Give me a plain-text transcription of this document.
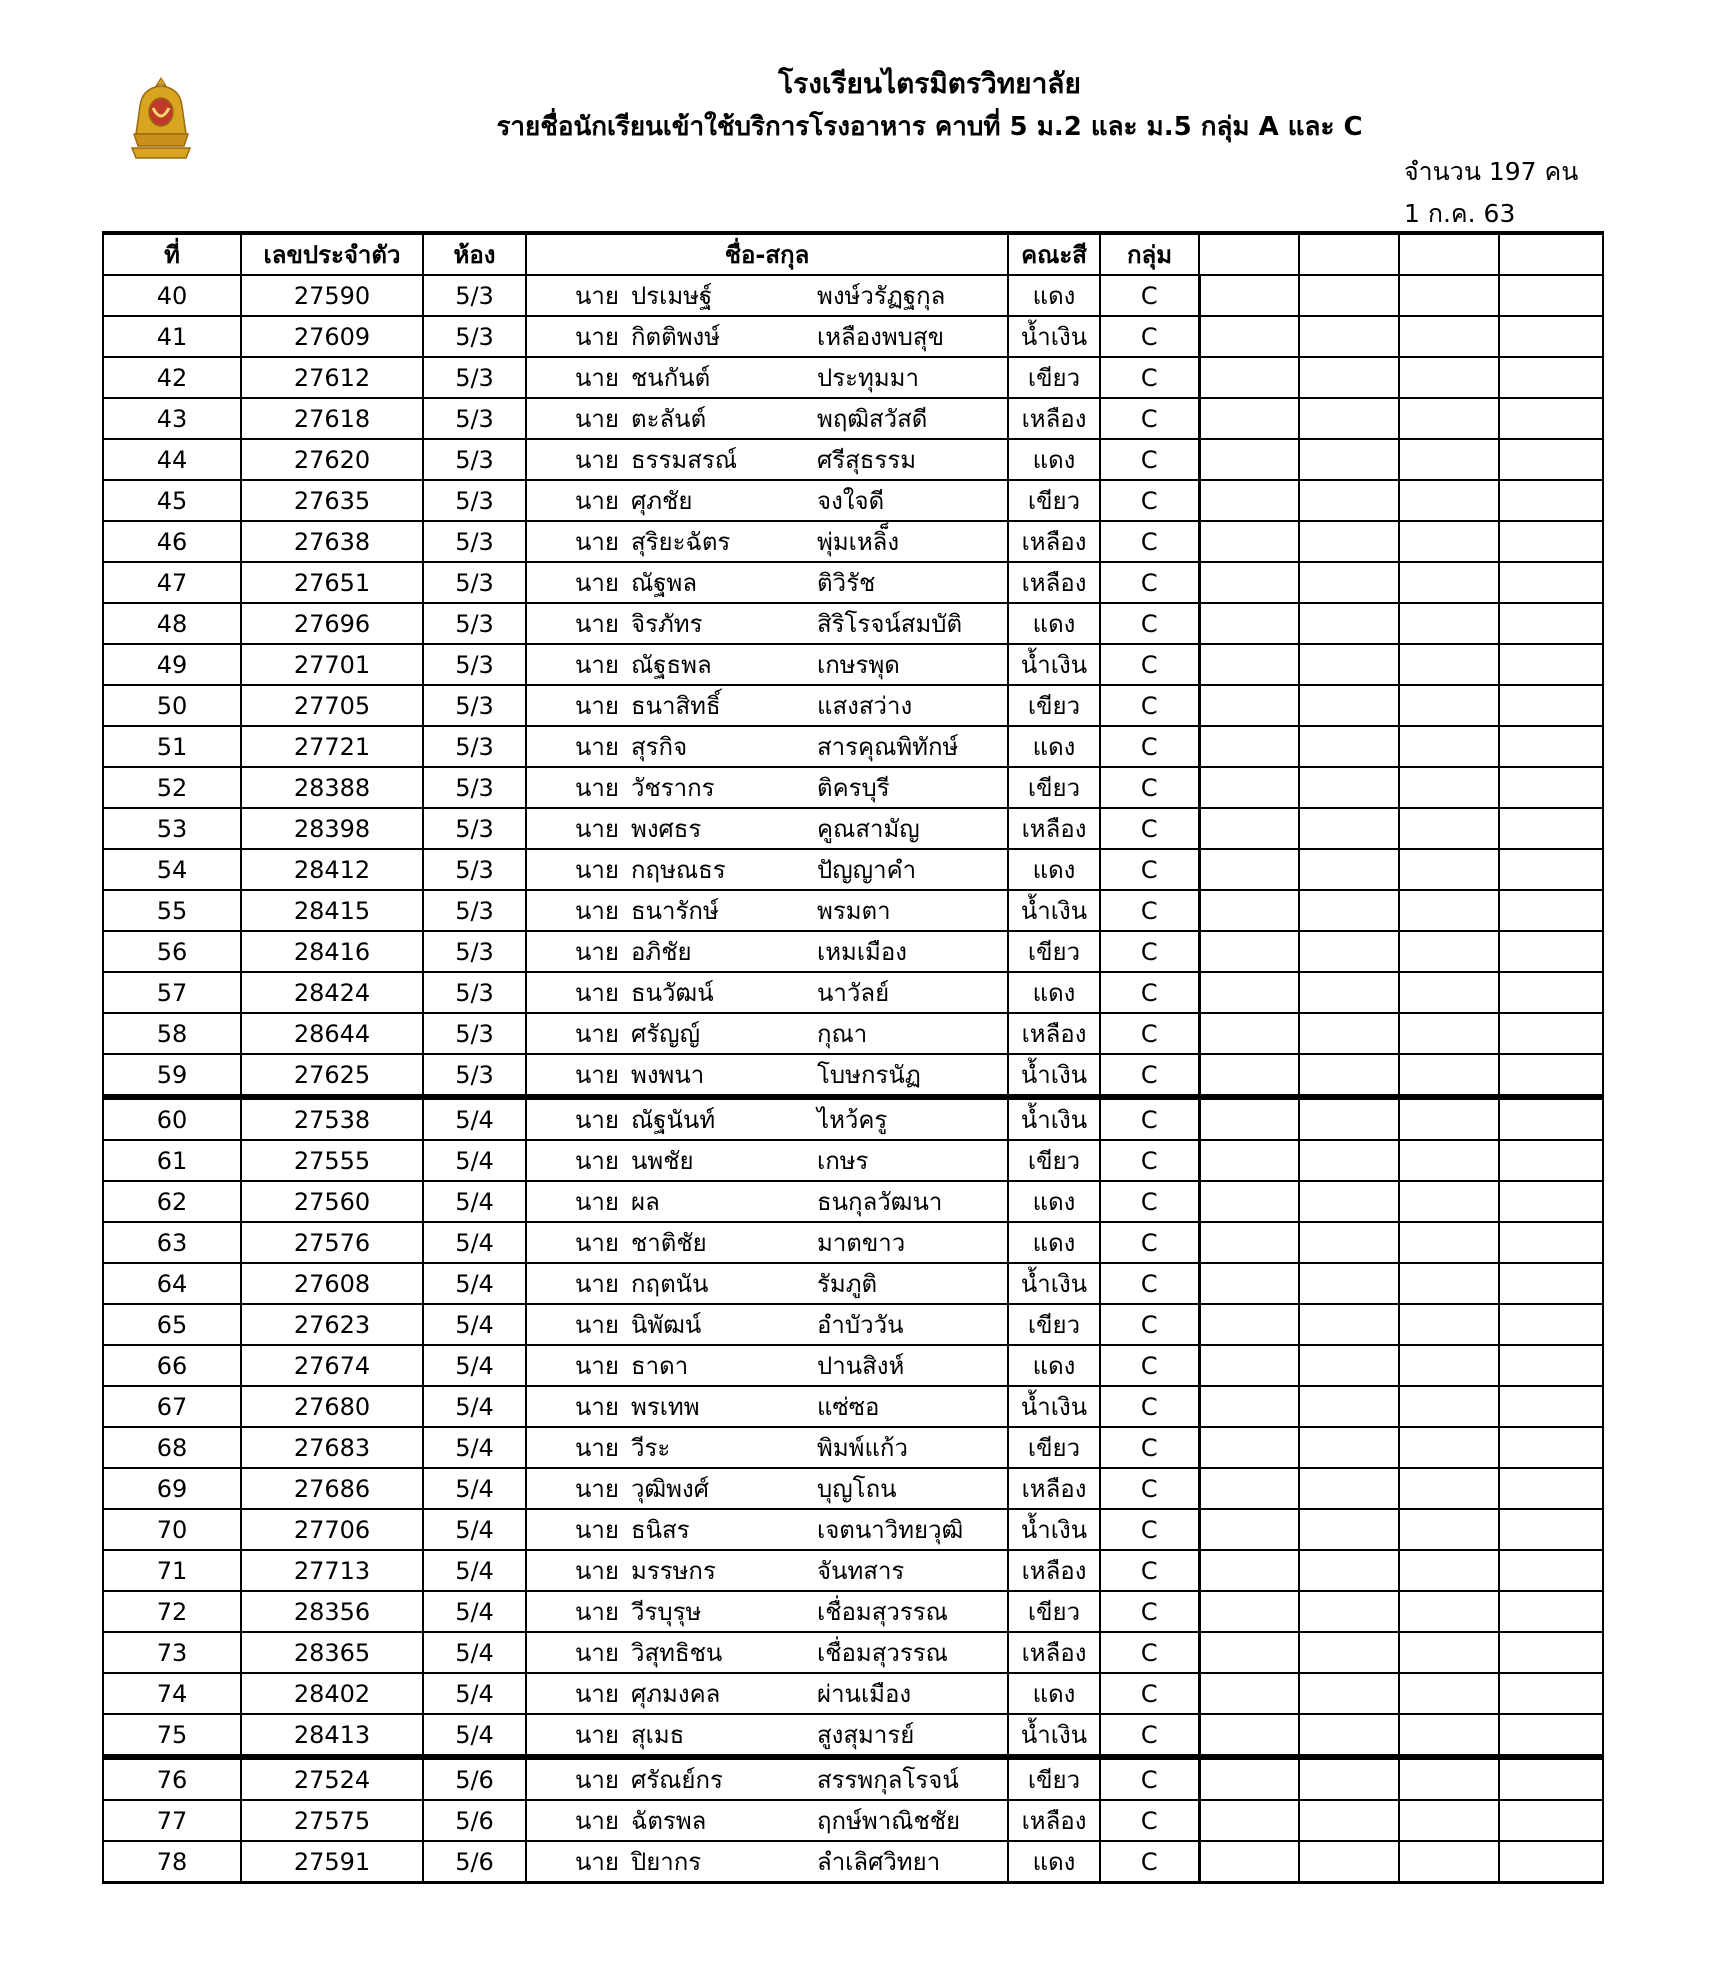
โรงเรียนไตรมิตรวิทยาลัย
รายชื่อนักเรียนเข้าใช้บริการโรงอาหาร คาบที่ 5 ม.2 และ ม.5 กลุ่ม A และ C
จำนวน 197 คน
1 ก.ค. 63
ที่	เลขประจำตัว	ห้อง	ชื่อ-สกุล	คณะสี	กลุ่ม				
40	27590	5/3	นาย ปรเมษฐ์ พงษ์วรัฏฐกุล	แดง	C				
41	27609	5/3	นาย กิตติพงษ์ เหลืองพบสุข	น้ำเงิน	C				
42	27612	5/3	นาย ชนกันต์ ประทุมมา	เขียว	C				
43	27618	5/3	นาย ตะลันต์ พฤฒิสวัสดี	เหลือง	C				
44	27620	5/3	นาย ธรรมสรณ์ ศรีสุธรรม	แดง	C				
45	27635	5/3	นาย ศุภชัย จงใจดี	เขียว	C				
46	27638	5/3	นาย สุริยะฉัตร พุ่มเหลิ็ง	เหลือง	C				
47	27651	5/3	นาย ณัฐพล ติวิรัช	เหลือง	C				
48	27696	5/3	นาย จิรภัทร สิริโรจน์สมบัติ	แดง	C				
49	27701	5/3	นาย ณัฐธพล เกษรพุด	น้ำเงิน	C				
50	27705	5/3	นาย ธนาสิทธิ์ แสงสว่าง	เขียว	C				
51	27721	5/3	นาย สุรกิจ สารคุณพิทักษ์	แดง	C				
52	28388	5/3	นาย วัชรากร ติครบุรี	เขียว	C				
53	28398	5/3	นาย พงศธร คูณสามัญ	เหลือง	C				
54	28412	5/3	นาย กฤษณธร ปัญญาคำ	แดง	C				
55	28415	5/3	นาย ธนารักษ์ พรมตา	น้ำเงิน	C				
56	28416	5/3	นาย อภิชัย เหมเมือง	เขียว	C				
57	28424	5/3	นาย ธนวัฒน์ นาวัลย์	แดง	C				
58	28644	5/3	นาย ศรัญญ์ กุณา	เหลือง	C				
59	27625	5/3	นาย พงพนา โบษกรนัฏ	น้ำเงิน	C				
60	27538	5/4	นาย ณัฐนันท์ ไหว้ครู	น้ำเงิน	C				
61	27555	5/4	นาย นพชัย เกษร	เขียว	C				
62	27560	5/4	นาย ผล ธนกุลวัฒนา	แดง	C				
63	27576	5/4	นาย ชาติชัย มาตขาว	แดง	C				
64	27608	5/4	นาย กฤตนัน รัมภูติ	น้ำเงิน	C				
65	27623	5/4	นาย นิพัฒน์ อำบัววัน	เขียว	C				
66	27674	5/4	นาย ธาดา ปานสิงห์	แดง	C				
67	27680	5/4	นาย พรเทพ แซ่ซอ	น้ำเงิน	C				
68	27683	5/4	นาย วีระ พิมพ์แก้ว	เขียว	C				
69	27686	5/4	นาย วุฒิพงศ์ บุญโถน	เหลือง	C				
70	27706	5/4	นาย ธนิสร เจตนาวิทยวุฒิ	น้ำเงิน	C				
71	27713	5/4	นาย มรรษกร จันทสาร	เหลือง	C				
72	28356	5/4	นาย วีรบุรุษ เชื่อมสุวรรณ	เขียว	C				
73	28365	5/4	นาย วิสุทธิชน เชื่อมสุวรรณ	เหลือง	C				
74	28402	5/4	นาย ศุภมงคล ผ่านเมือง	แดง	C				
75	28413	5/4	นาย สุเมธ สูงสุมารย์	น้ำเงิน	C				
76	27524	5/6	นาย ศรัณย์กร สรรพกุลโรจน์	เขียว	C				
77	27575	5/6	นาย ฉัตรพล ฤกษ์พาณิชชัย	เหลือง	C				
78	27591	5/6	นาย ปิยากร ลำเลิศวิทยา	แดง	C				
